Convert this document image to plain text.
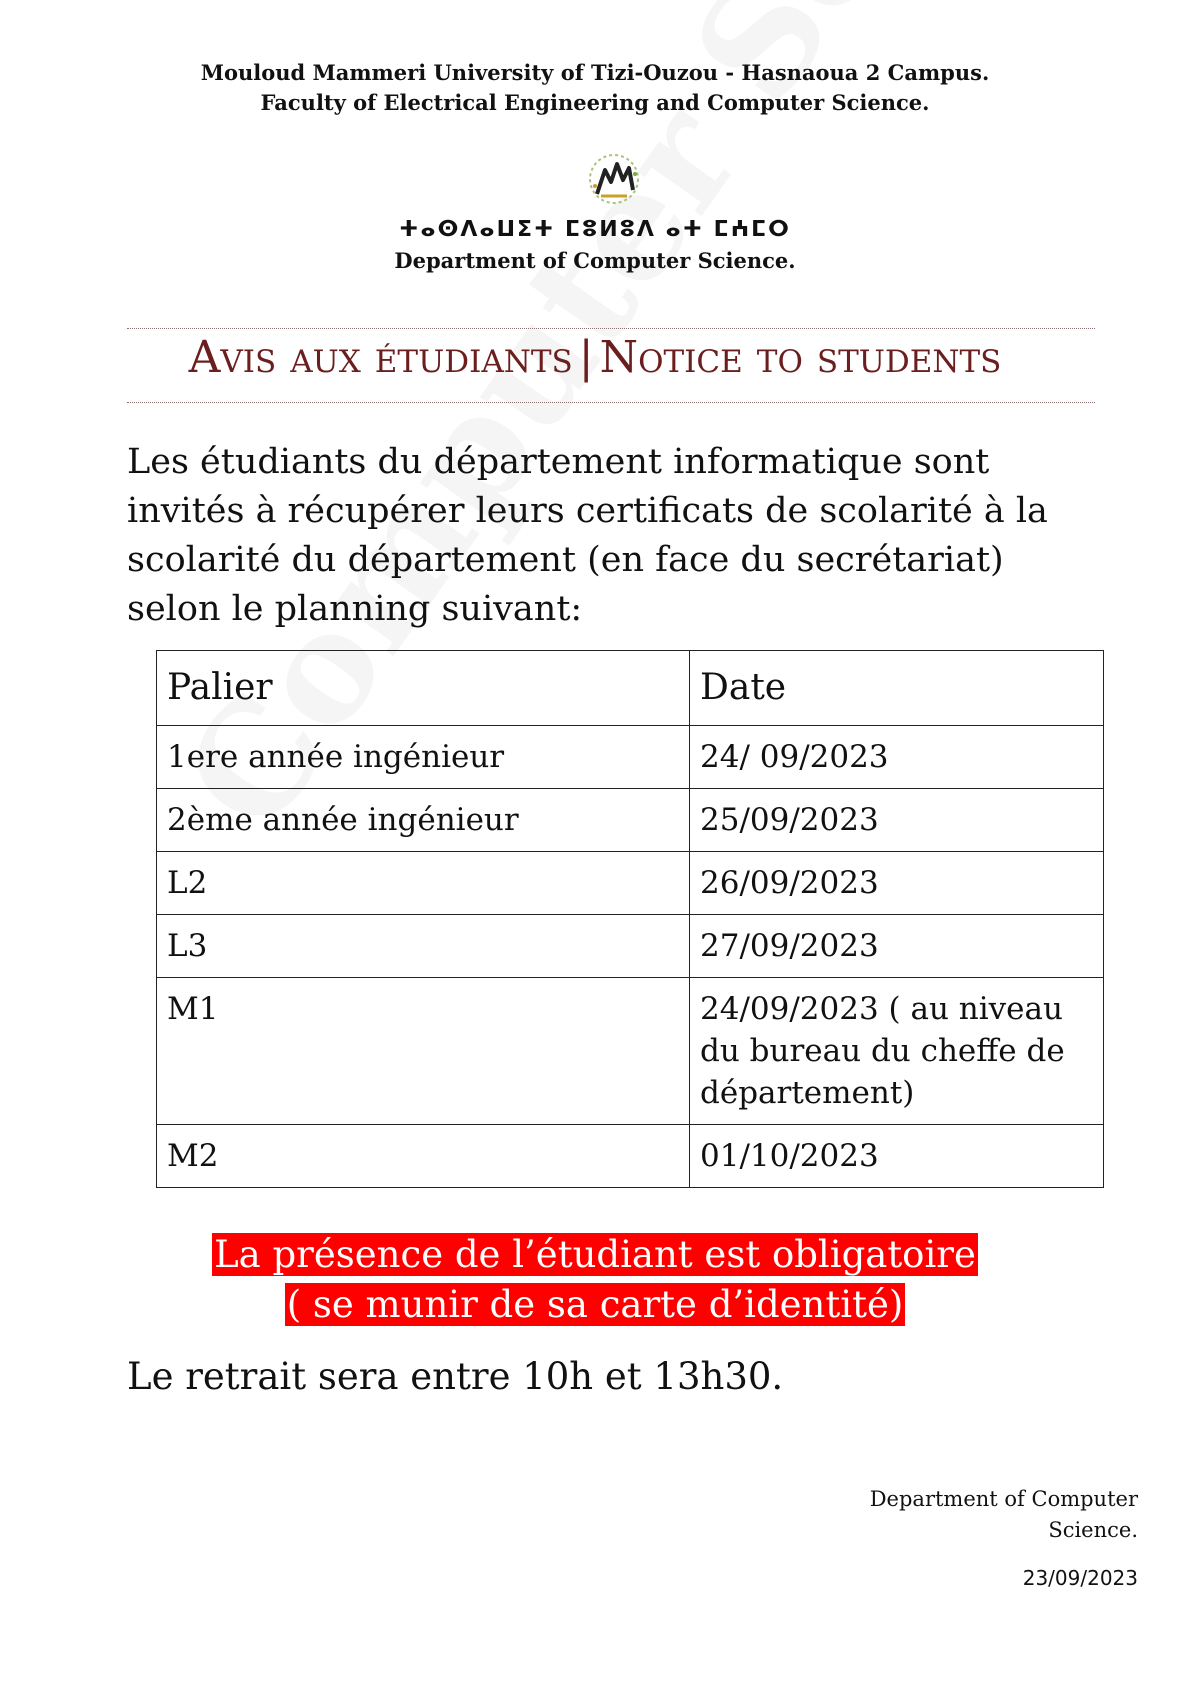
Mouloud Mammeri University of Tizi-Ouzou - Hasnaoua 2 Campus.
Faculty of Electrical Engineering and Computer Science.
ⵜⴰⵙⴷⴰⵡⵉⵜ ⵎⵓⵍⵓⴷ ⴰⵜ ⵎⵄⵎⵔ
Department of Computer Science.
Avis aux étudiants | Notice to students
Les étudiants du département informatique sont invités à récupérer leurs certificats de scolarité à la scolarité du département (en face du secrétariat) selon le planning suivant:
Palier	Date
1ere année ingénieur	24/ 09/2023
2ème année ingénieur	25/09/2023
L2	26/09/2023
L3	27/09/2023
M1	24/09/2023 ( au niveau du bureau du cheffe de département)
M2	01/10/2023
La présence de l’étudiant est obligatoire
( se munir de sa carte d’identité)
Le retrait sera entre 10h et 13h30.
Department of Computer
Science.
23/09/2023
